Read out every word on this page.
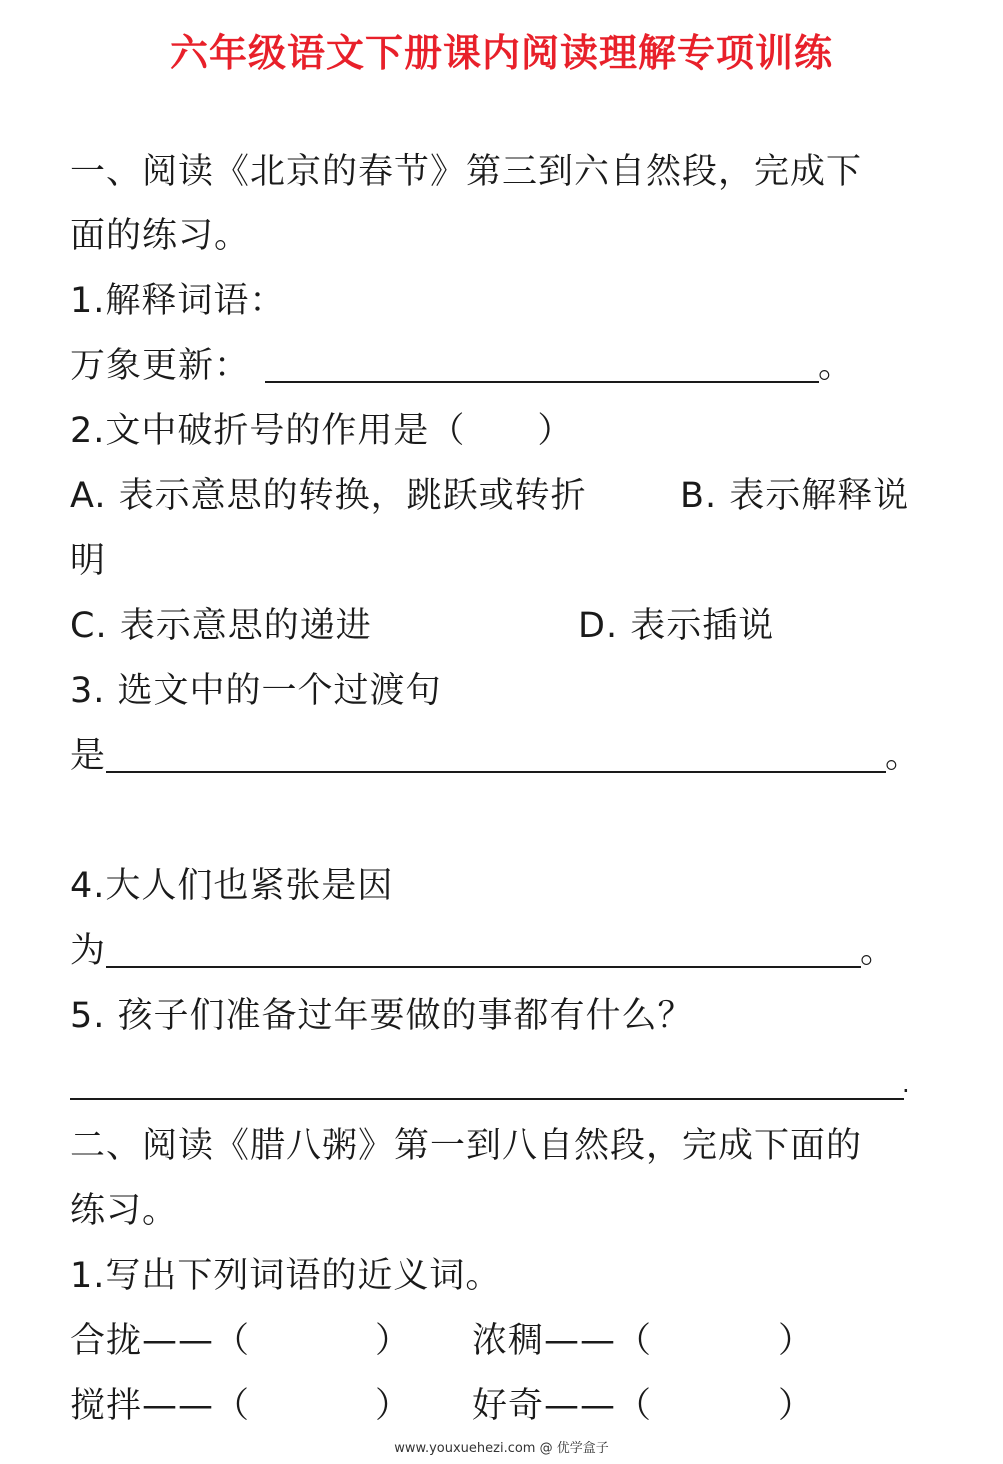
六年级语文下册课内阅读理解专项训练
一、阅读《北京的春节》第三到六自然段，完成下
面的练习。
1.解释词语：
万象更新：	。
2.文中破折号的作用是（　　）
A. 表示意思的转换，跳跃或转折	B. 表示解释说
明
C. 表示意思的递进	D. 表示插说
3. 选文中的一个过渡句
是	。
4.大人们也紧张是因
为	。
5. 孩子们准备过年要做的事都有什么？
.
二、阅读《腊八粥》第一到八自然段，完成下面的
练习。
1.写出下列词语的近义词。
合拢——（	） 浓稠——（	）
搅拌——（	） 好奇——（	）
www.youxuehezi.com @ 优学盒子
